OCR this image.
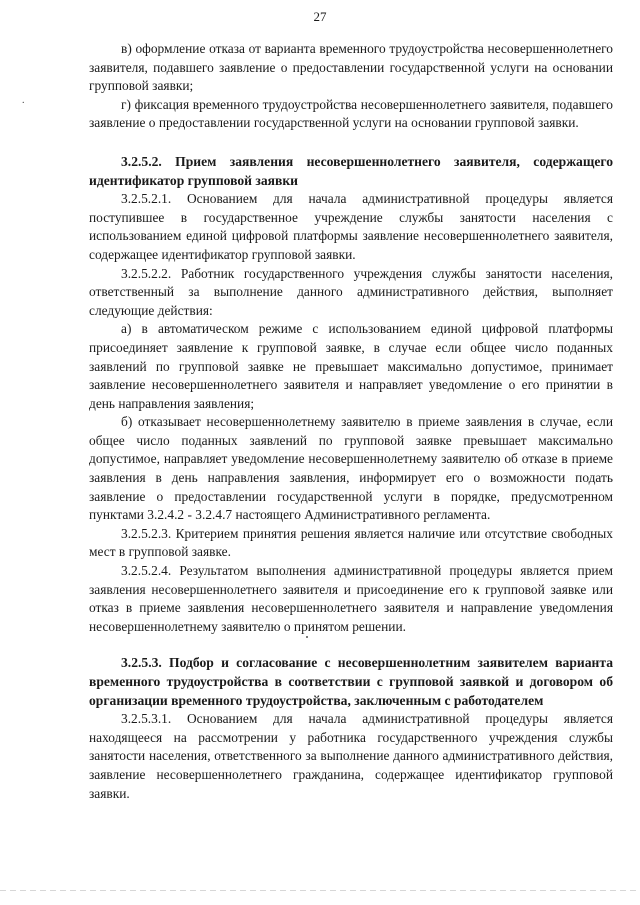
27
.

в) оформление отказа от варианта временного трудоустройства несовершеннолетнего заявителя, подавшего заявление о предоставлении государственной услуги на основании групповой заявки;

г) фиксация временного трудоустройства несовершеннолетнего заявителя, подавшего заявление о предоставлении государственной услуги на основании групповой заявки.

3.2.5.2. Прием заявления несовершеннолетнего заявителя, содержащего идентификатор групповой заявки

3.2.5.2.1. Основанием для начала административной процедуры является поступившее в государственное учреждение службы занятости населения с использованием единой цифровой платформы заявление несовершеннолетнего заявителя, содержащее идентификатор групповой заявки.

3.2.5.2.2. Работник государственного учреждения службы занятости населения, ответственный за выполнение данного административного действия, выполняет следующие действия:

а) в автоматическом режиме с использованием единой цифровой платформы присоединяет заявление к групповой заявке, в случае если общее число поданных заявлений по групповой заявке не превышает максимально допустимое, принимает заявление несовершеннолетнего заявителя и направляет уведомление о его принятии в день направления заявления;

б) отказывает несовершеннолетнему заявителю в приеме заявления в случае, если общее число поданных заявлений по групповой заявке превышает максимально допустимое, направляет уведомление несовершеннолетнему заявителю об отказе в приеме заявления в день направления заявления, информирует его о возможности подать заявление о предоставлении государственной услуги в порядке, предусмотренном пунктами 3.2.4.2 - 3.2.4.7 настоящего Административного регламента.

3.2.5.2.3. Критерием принятия решения является наличие или отсутствие свободных мест в групповой заявке.

3.2.5.2.4. Результатом выполнения административной процедуры является прием заявления несовершеннолетнего заявителя и присоединение его к групповой заявке или отказ в приеме заявления несовершеннолетнего заявителя и направление уведомления несовершеннолетнему заявителю о принятом решении.

3.2.5.3. Подбор и согласование с несовершеннолетним заявителем варианта временного трудоустройства в соответствии с групповой заявкой и договором об организации временного трудоустройства, заключенным с работодателем

3.2.5.3.1. Основанием для начала административной процедуры является находящееся на рассмотрении у работника государственного учреждения службы занятости населения, ответственного за выполнение данного административного действия, заявление несовершеннолетнего гражданина, содержащее идентификатор групповой заявки.
